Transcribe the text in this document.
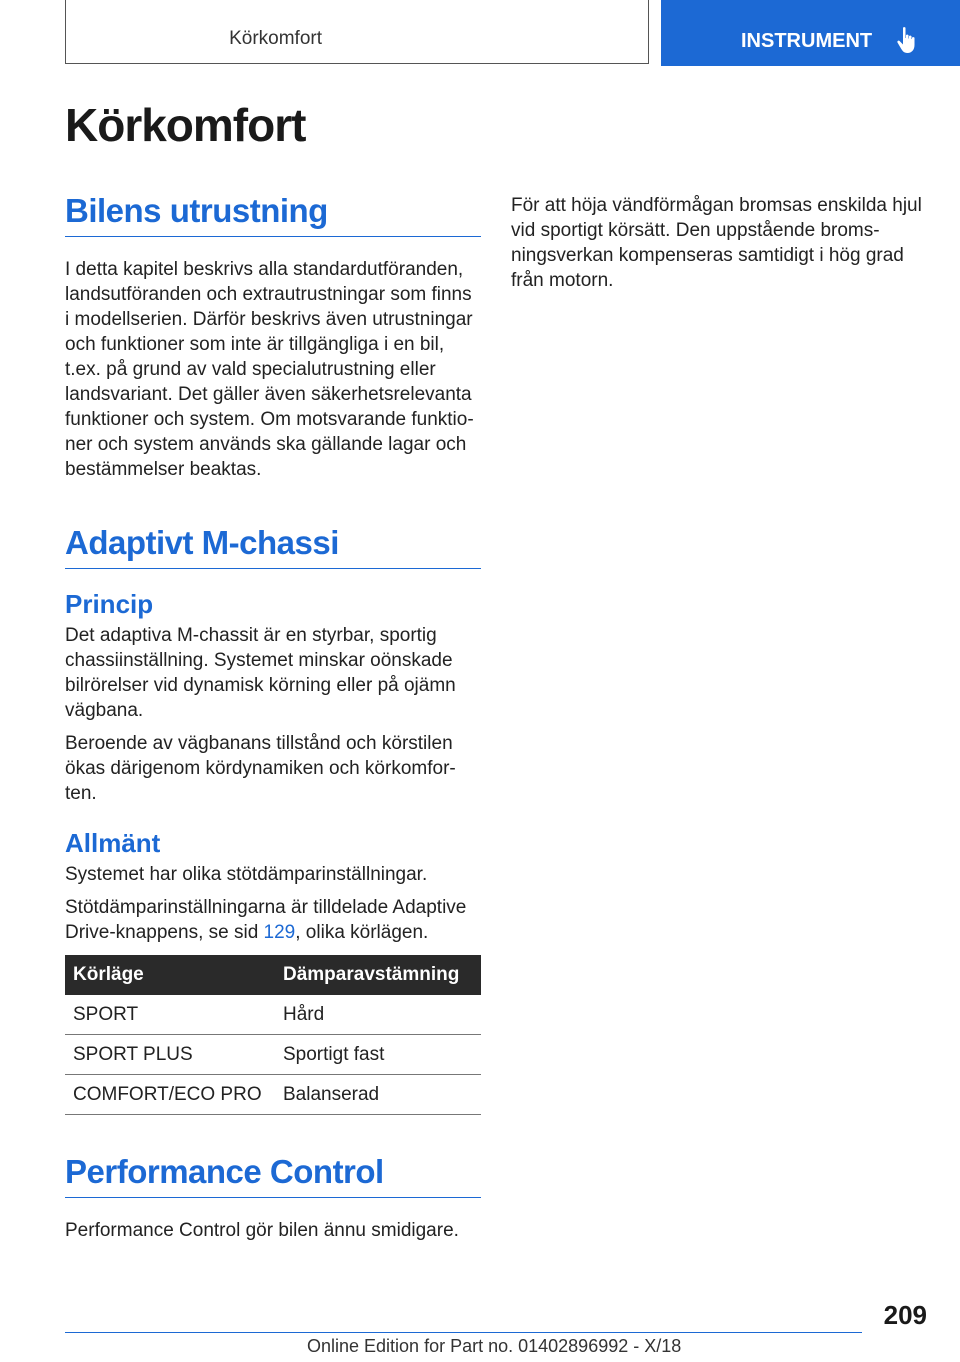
Körkomfort	INSTRUMENT
Körkomfort
Bilens utrustning

I detta kapitel beskrivs alla standardutföranden, landsutföranden och extrautrustningar som finns i modellserien. Därför beskrivs även utrustningar och funktioner som inte är tillgängliga i en bil, t.ex. på grund av vald specialutrustning eller landsvariant. Det gäller även säkerhetsrelevanta funktioner och system. Om motsvarande funktio-ner och system används ska gällande lagar och bestämmelser beaktas.

Adaptivt M-chassi
Princip

Det adaptiva M-chassit är en styrbar, sportig chassiinställning. Systemet minskar oönskade bilrörelser vid dynamisk körning eller på ojämn vägbana.

Beroende av vägbanans tillstånd och körstilen ökas därigenom kördynamiken och körkomfor-ten.

Allmänt

Systemet har olika stötdämparinställningar.

Stötdämparinställningarna är tilldelade Adaptive Drive-knappens, se sid 129, olika körlägen.

Körläge	Dämparavstämning
SPORT	Hård
SPORT PLUS	Sportigt fast
COMFORT/ECO PRO	Balanserad
Performance Control

Performance Control gör bilen ännu smidigare.

För att höja vändförmågan bromsas enskilda hjul vid sportigt körsätt. Den uppstående broms-ningsverkan kompenseras samtidigt i hög grad från motorn.

209
Online Edition for Part no. 01402896992 - X/18
